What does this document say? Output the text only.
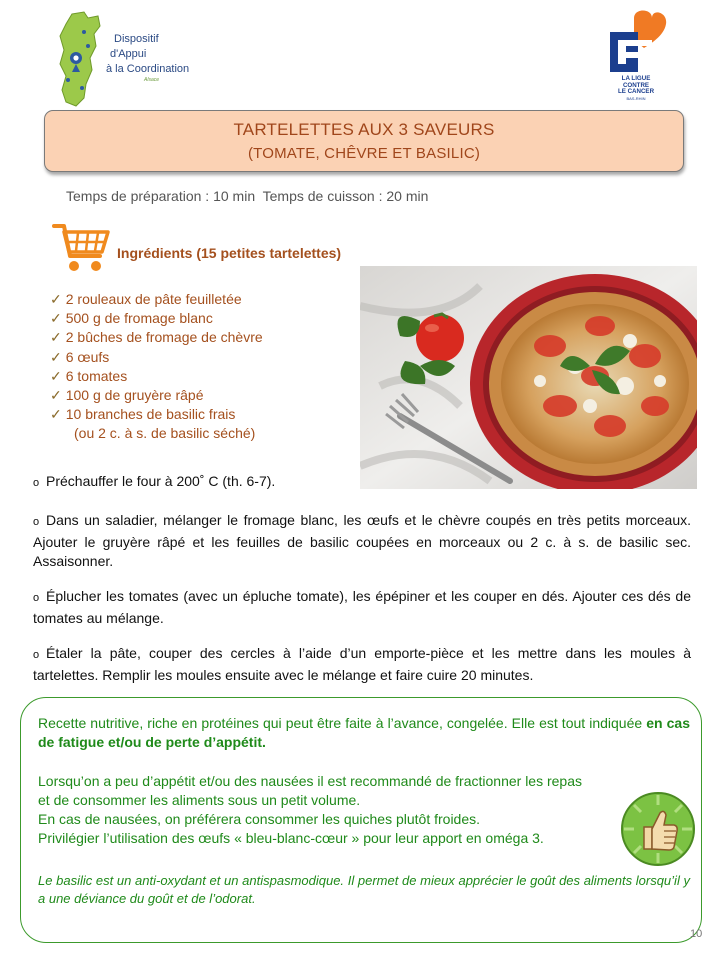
Dispositif
d'Appui
à la Coordination
Alsace	LA LIGUE
CONTRE
LE CANCER
BAS-RHIN
TARTELETTES AUX 3 SAVEURS
(TOMATE, CHÊVRE ET BASILIC)
Temps de préparation : 10 min  Temps de cuisson : 20 min
Ingrédients (15 petites tartelettes)
✓ 2 rouleaux de pâte feuilletée
✓ 500 g de fromage blanc
✓ 2 bûches de fromage de chèvre
✓ 6 œufs
✓ 6 tomates
✓ 100 g de gruyère râpé
✓ 10 branches de basilic frais
(ou 2 c. à s. de basilic séché)
o Préchauffer le four à 200˚ C (th. 6-7).
o Dans un saladier, mélanger le fromage blanc, les œufs et le chèvre coupés en très petits morceaux. Ajouter le gruyère râpé et les feuilles de basilic coupées en morceaux ou 2 c. à s. de basilic sec. Assaisonner.
o Éplucher les tomates (avec un épluche tomate), les épépiner et les couper en dés. Ajouter ces dés de tomates au mélange.
o Étaler la pâte, couper des cercles à l’aide d’un emporte-pièce et les mettre dans les moules à tartelettes. Remplir les moules ensuite avec le mélange et faire cuire 20 minutes.
Recette nutritive, riche en protéines qui peut être faite à l’avance, congelée. Elle est tout indiquée en cas de fatigue et/ou de perte d’appétit.
Lorsqu’on a peu d’appétit et/ou des nausées il est recommandé de fractionner les repas
et de consommer les aliments sous un petit volume.
En cas de nausées, on préférera consommer les quiches plutôt froides.
Privilégier l’utilisation des œufs « bleu-blanc-cœur » pour leur apport en oméga 3.
Le basilic est un anti-oxydant et un antispasmodique. Il permet de mieux apprécier le goût des aliments lorsqu’il y a une déviance du goût et de l’odorat.
10
